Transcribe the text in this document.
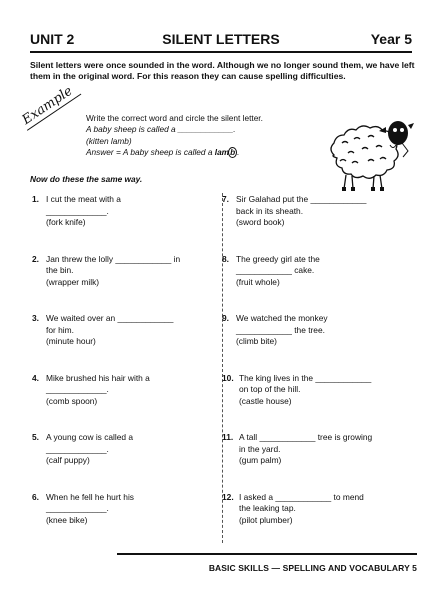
UNIT 2	SILENT LETTERS	Year 5

Silent letters were once sounded in the word. Although we no longer sound them, we have left them in the original word. For this reason they can cause spelling difficulties.

Example Write the correct word and circle the silent letter.
A baby sheep is called a ____________.
(kitten lamb)
Answer = A baby sheep is called a lamb .
Now do these the same way.
1. I cut the meat with a
_____________.
(fork knife)
2. Jan threw the lolly ____________ in
the bin.
(wrapper milk)
3. We waited over an ____________
for him.
(minute hour)
4. Mike brushed his hair with a
_____________.
(comb spoon)
5. A young cow is called a
_____________.
(calf puppy)
6. When he fell he hurt his
_____________.
(knee bike)
7. Sir Galahad put the ____________
back in its sheath.
(sword book)
8. The greedy girl ate the
____________ cake.
(fruit whole)
9. We watched the monkey
____________ the tree.
(climb bite)
10. The king lives in the ____________
on top of the hill.
(castle house)
11. A tall ____________ tree is growing
in the yard.
(gum palm)
12. I asked a ____________ to mend
the leaking tap.
(pilot plumber)
BASIC SKILLS — SPELLING AND VOCABULARY 5
